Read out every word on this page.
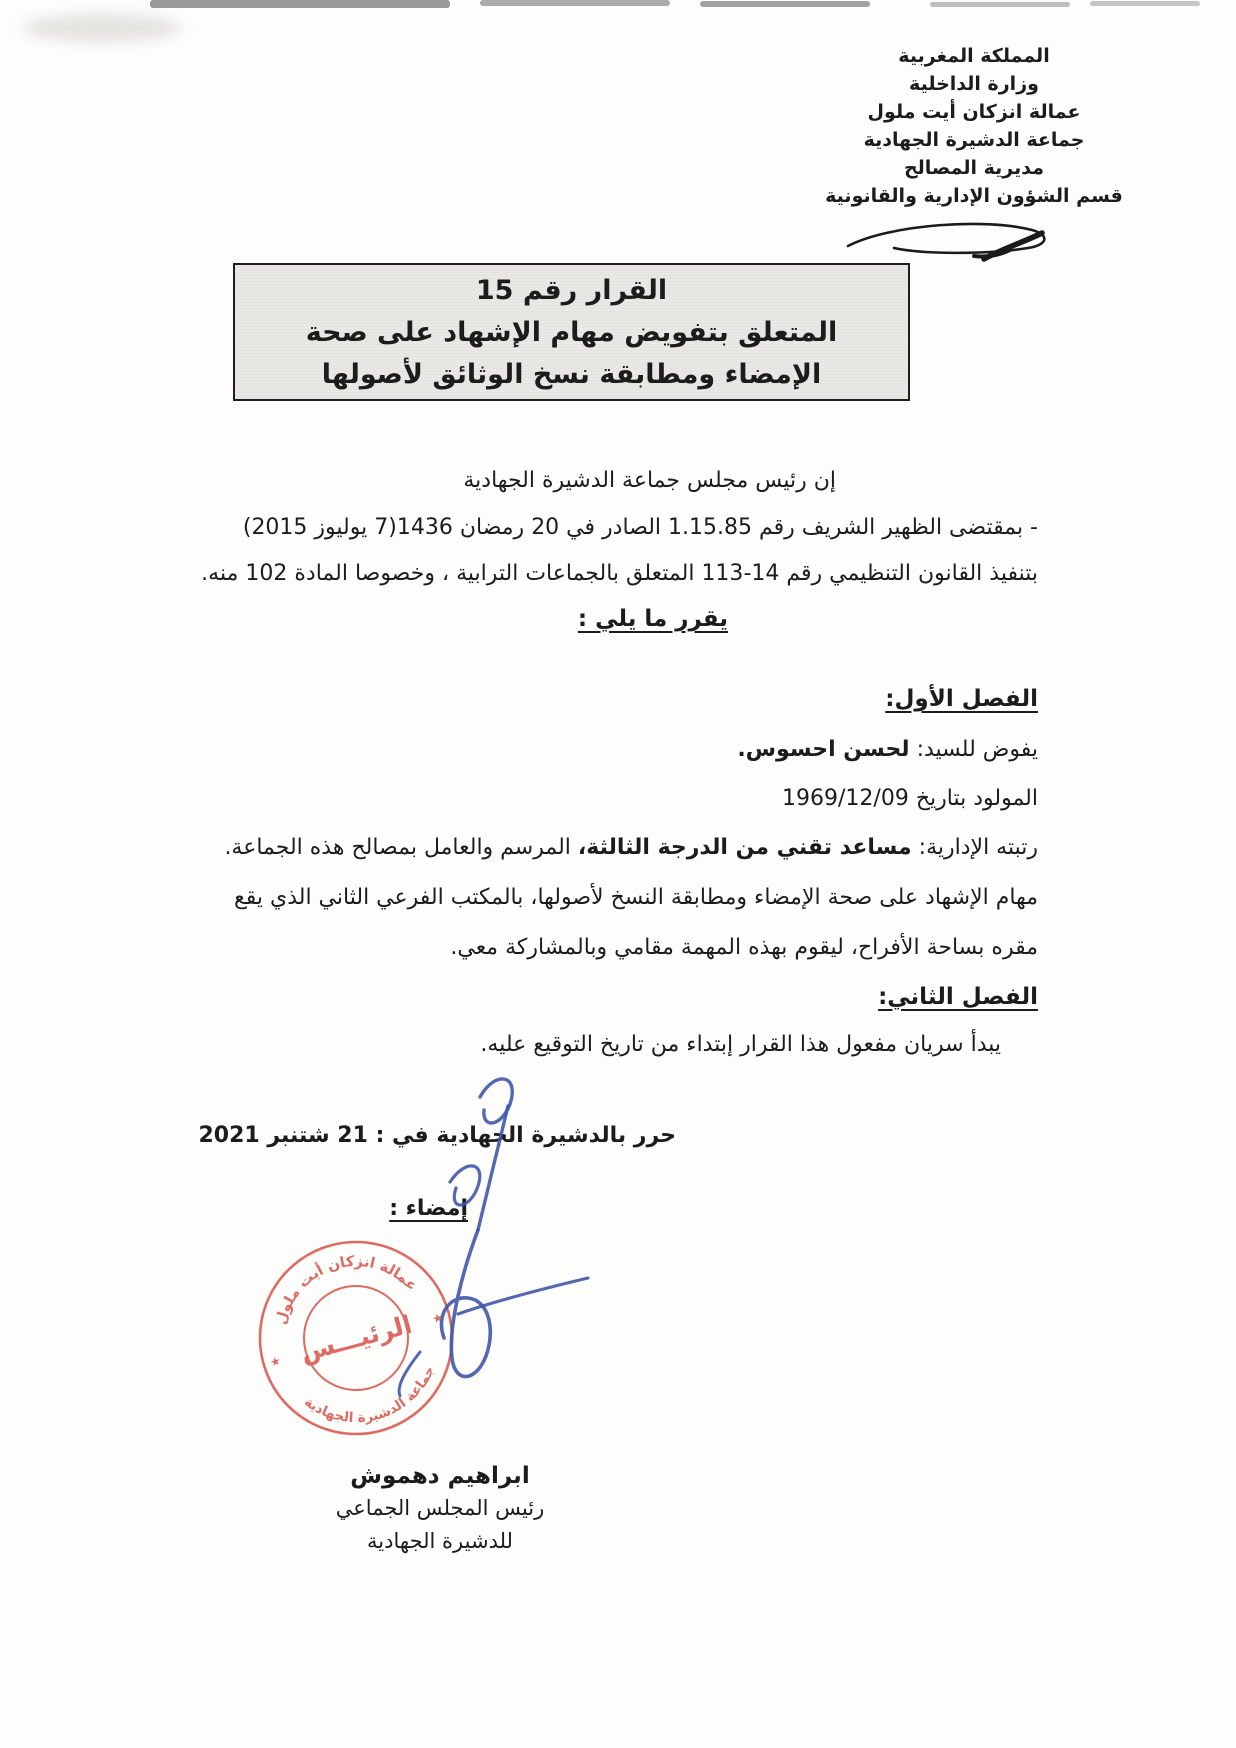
المملكة المغربية
وزارة الداخلية
عمالة انزكان أيت ملول
جماعة الدشيرة الجهادية
مديرية المصالح
قسم الشؤون الإدارية والقانونية
القرار رقم 15
المتعلق بتفويض مهام الإشهاد على صحة
الإمضاء ومطابقة نسخ الوثائق لأصولها
إن رئيس مجلس جماعة الدشيرة الجهادية
- بمقتضى الظهير الشريف رقم 1.15.85 الصادر في 20 رمضان 1436(7 يوليوز 2015)
بتنفيذ القانون التنظيمي رقم 14-113 المتعلق بالجماعات الترابية ، وخصوصا المادة 102 منه.
يقرر ما يلي :
الفصل الأول:
يفوض للسيد: لحسن احسوس.
المولود بتاريخ 1969/12/09
رتبته الإدارية: مساعد تقني من الدرجة الثالثة، المرسم والعامل بمصالح هذه الجماعة.
مهام الإشهاد على صحة الإمضاء ومطابقة النسخ لأصولها، بالمكتب الفرعي الثاني الذي يقع
مقره بساحة الأفراح، ليقوم بهذه المهمة مقامي وبالمشاركة معي.
الفصل الثاني:
يبدأ سريان مفعول هذا القرار إبتداء من تاريخ التوقيع عليه.
حرر بالدشيرة الجهادية في : 21 شتنبر 2021
إمضاء :
عمالة انزكان أيت ملول
جماعة الدشيرة الجهادية
★
★
الرئيـــس
ابراهيم دهموش
رئيس المجلس الجماعي
للدشيرة الجهادية
